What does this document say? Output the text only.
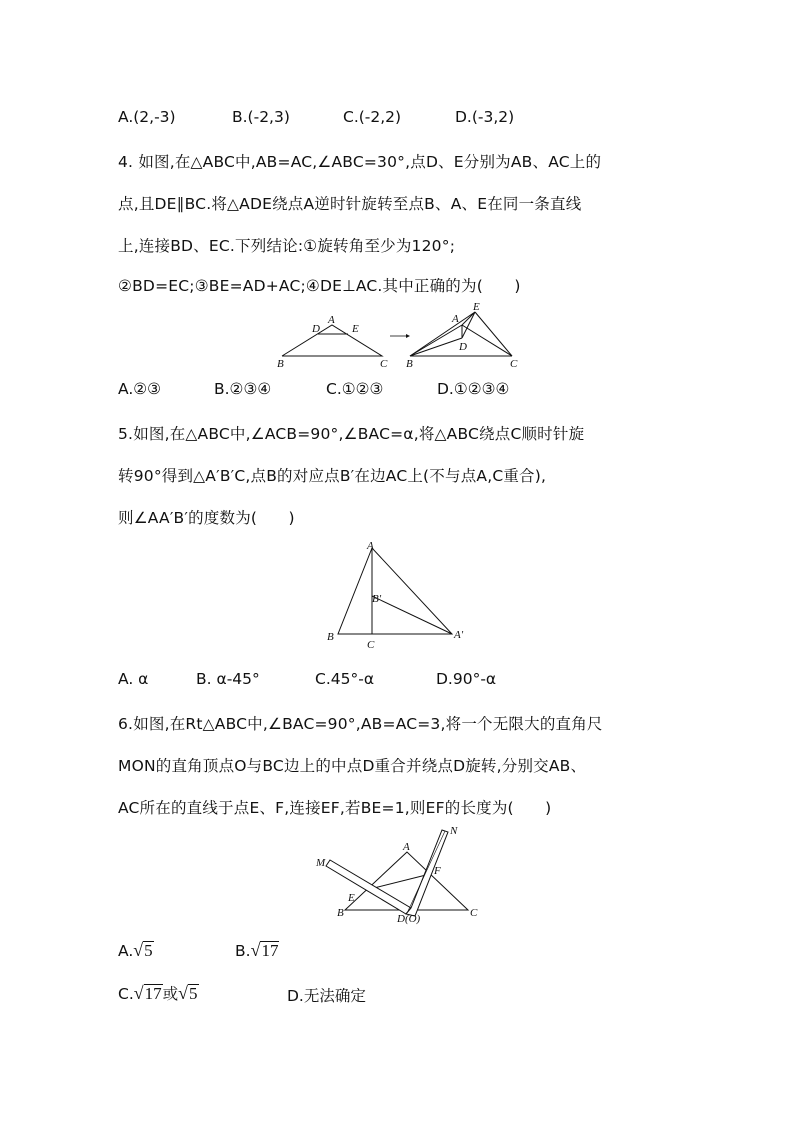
A.(2,-3)	B.(-2,3)	C.(-2,2)	D.(-3,2)
4. 如图,在△ABC中,AB=AC,∠ABC=30°,点D、E分别为AB、AC上的
点,且DE∥BC.将△ADE绕点A逆时针旋转至点B、A、E在同一条直线
上,连接BD、EC.下列结论:①旋转角至少为120°;
②BD=EC;③BE=AD+AC;④DE⊥AC.其中正确的为(　　)
D
A
E
B	C
A
E
D
B	C
A.②③	B.②③④	C.①②③	D.①②③④
5.如图,在△ABC中,∠ACB=90°,∠BAC=α,将△ABC绕点C顺时针旋
转90°得到△A′B′C,点B的对应点B′在边AC上(不与点A,C重合),
则∠AA′B′的度数为(　　)
A
B′
B
C
A′
A. α	B. α-45°	C.45°-α	D.90°-α
6.如图,在Rt△ABC中,∠BAC=90°,AB=AC=3,将一个无限大的直角尺
MON的直角顶点O与BC边上的中点D重合并绕点D旋转,分别交AB、
AC所在的直线于点E、F,连接EF,若BE=1,则EF的长度为(　　)
M
N
A
F
E
B	C
D(O)
A.√5	B.√17
C.√17或√5	D.无法确定
